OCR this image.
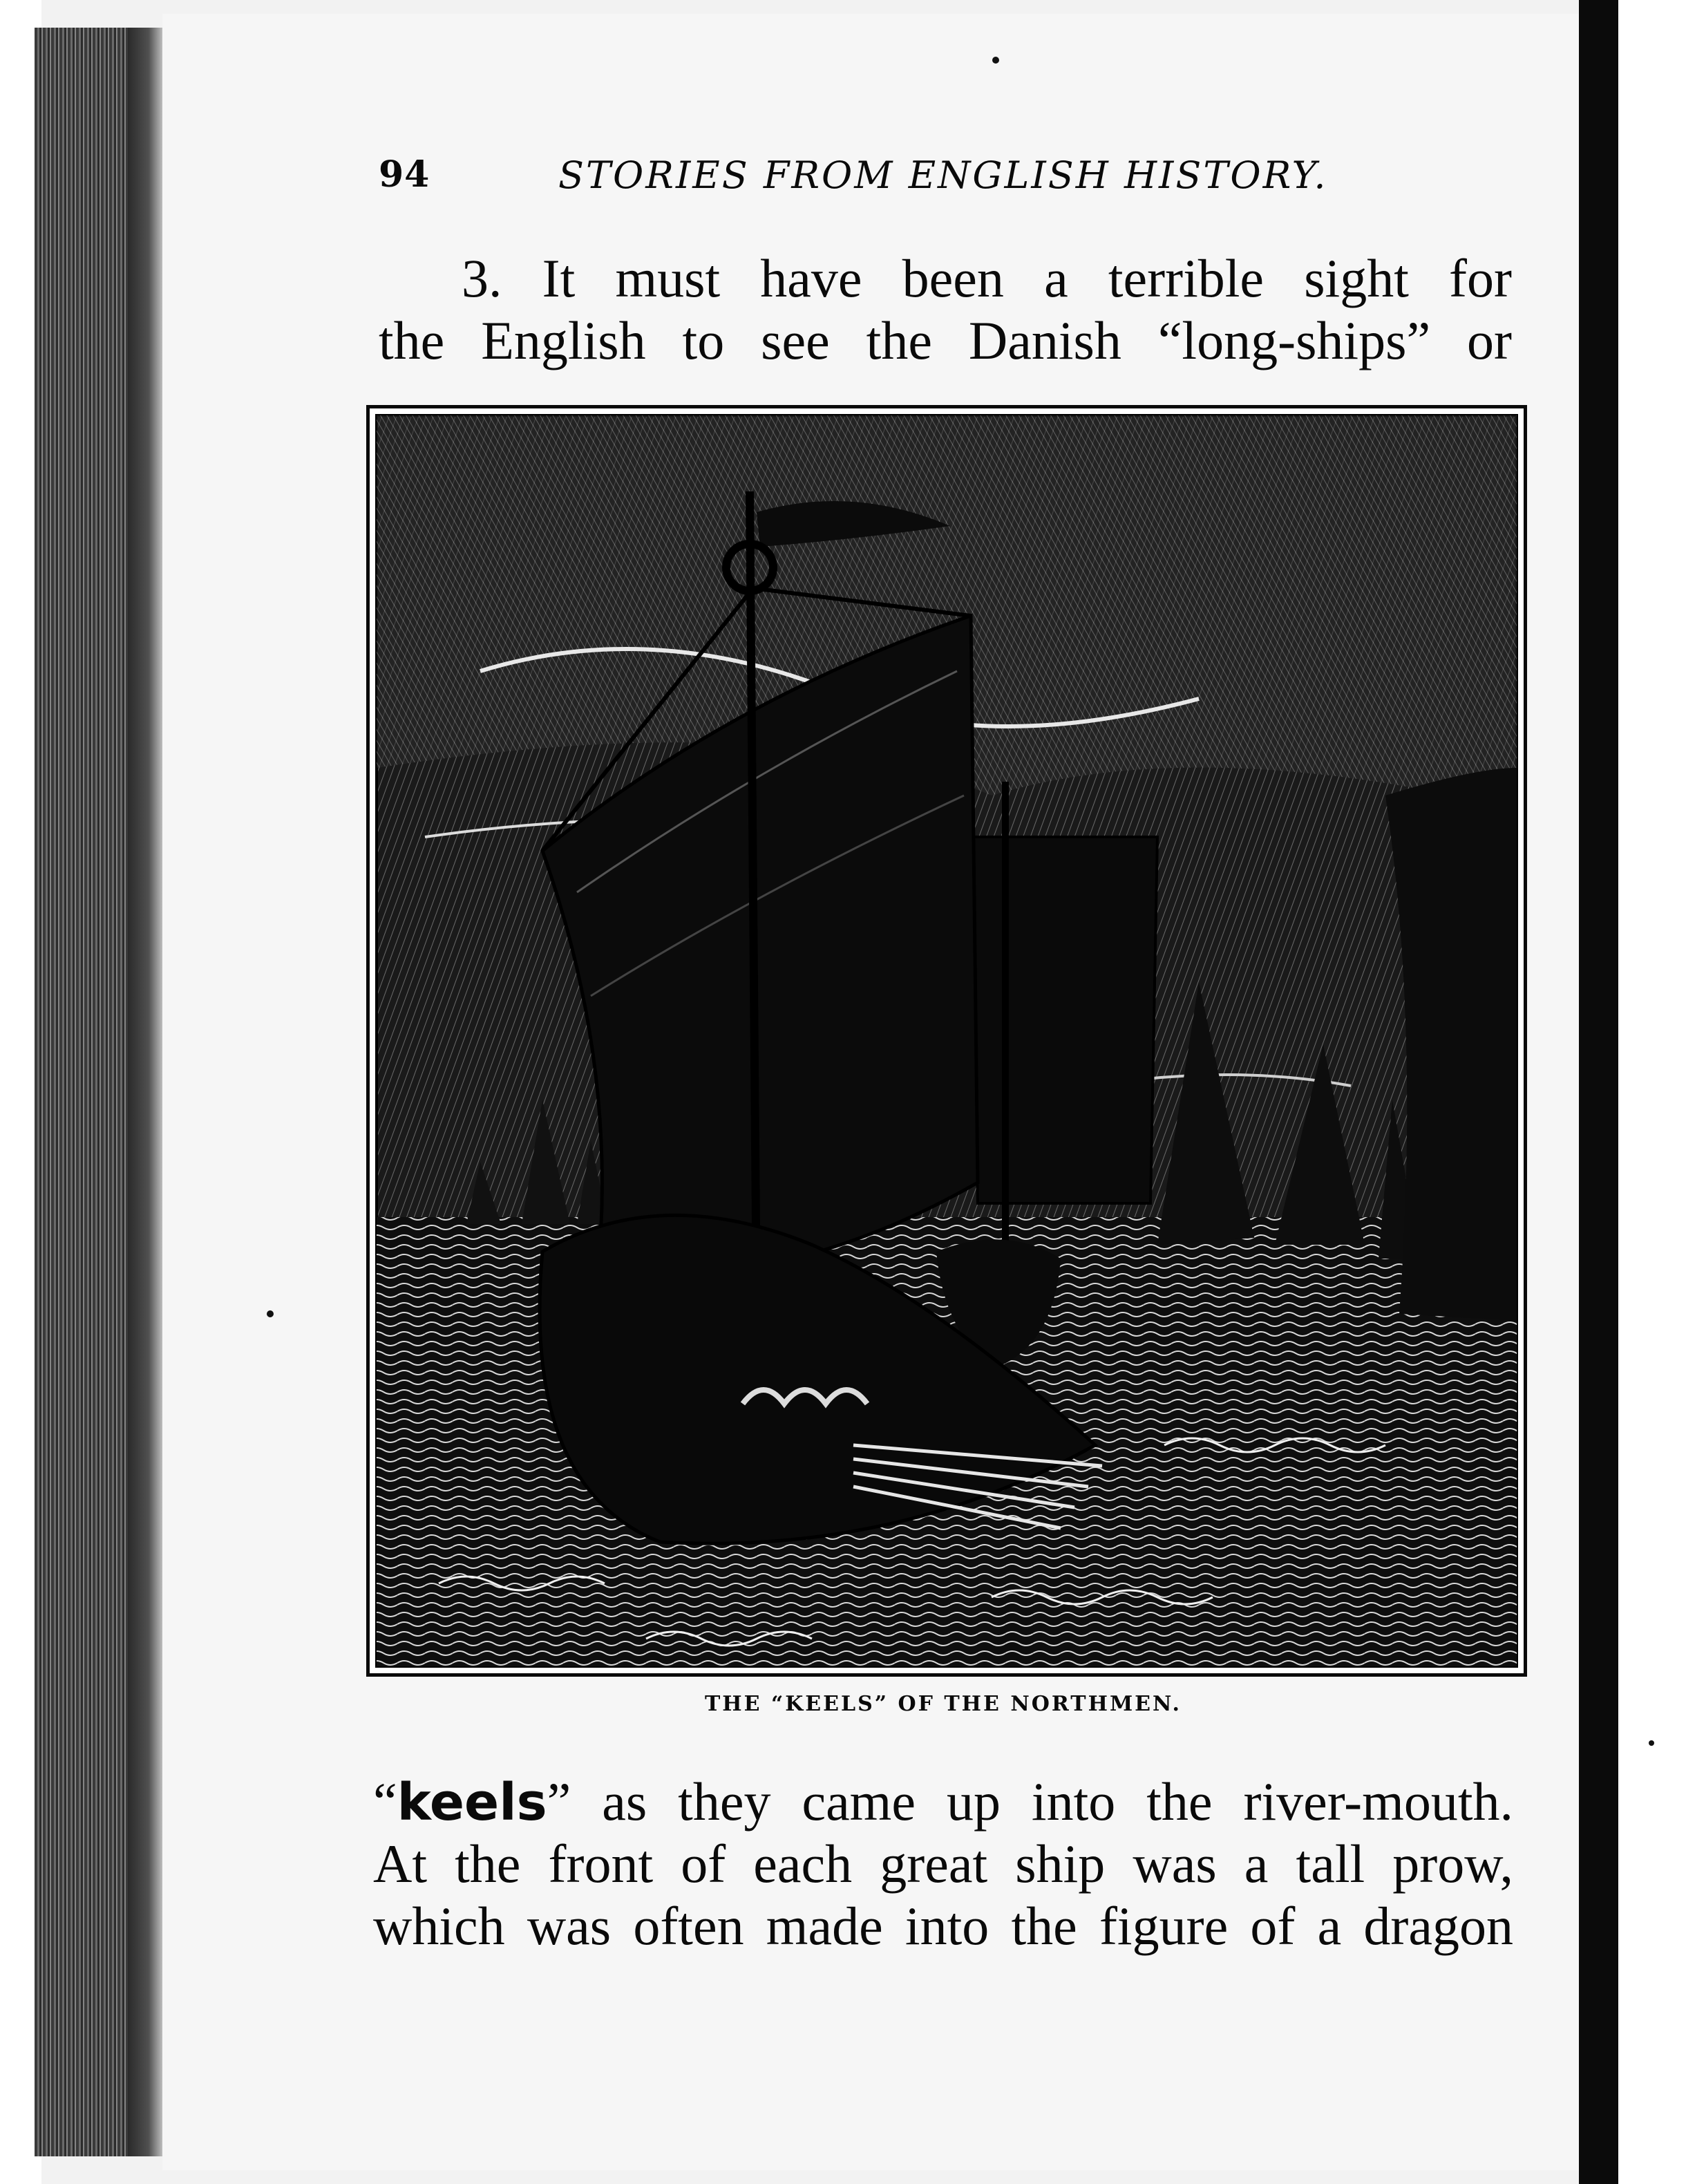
94	STORIES FROM ENGLISH HISTORY.
3. It must have been a terrible sight for
the English to see the Danish “long-ships” or
THE “KEELS” OF THE NORTHMEN.
“keels” as they came up into the river-mouth.
At the front of each great ship was a tall prow,
which was often made into the figure of a dragon
